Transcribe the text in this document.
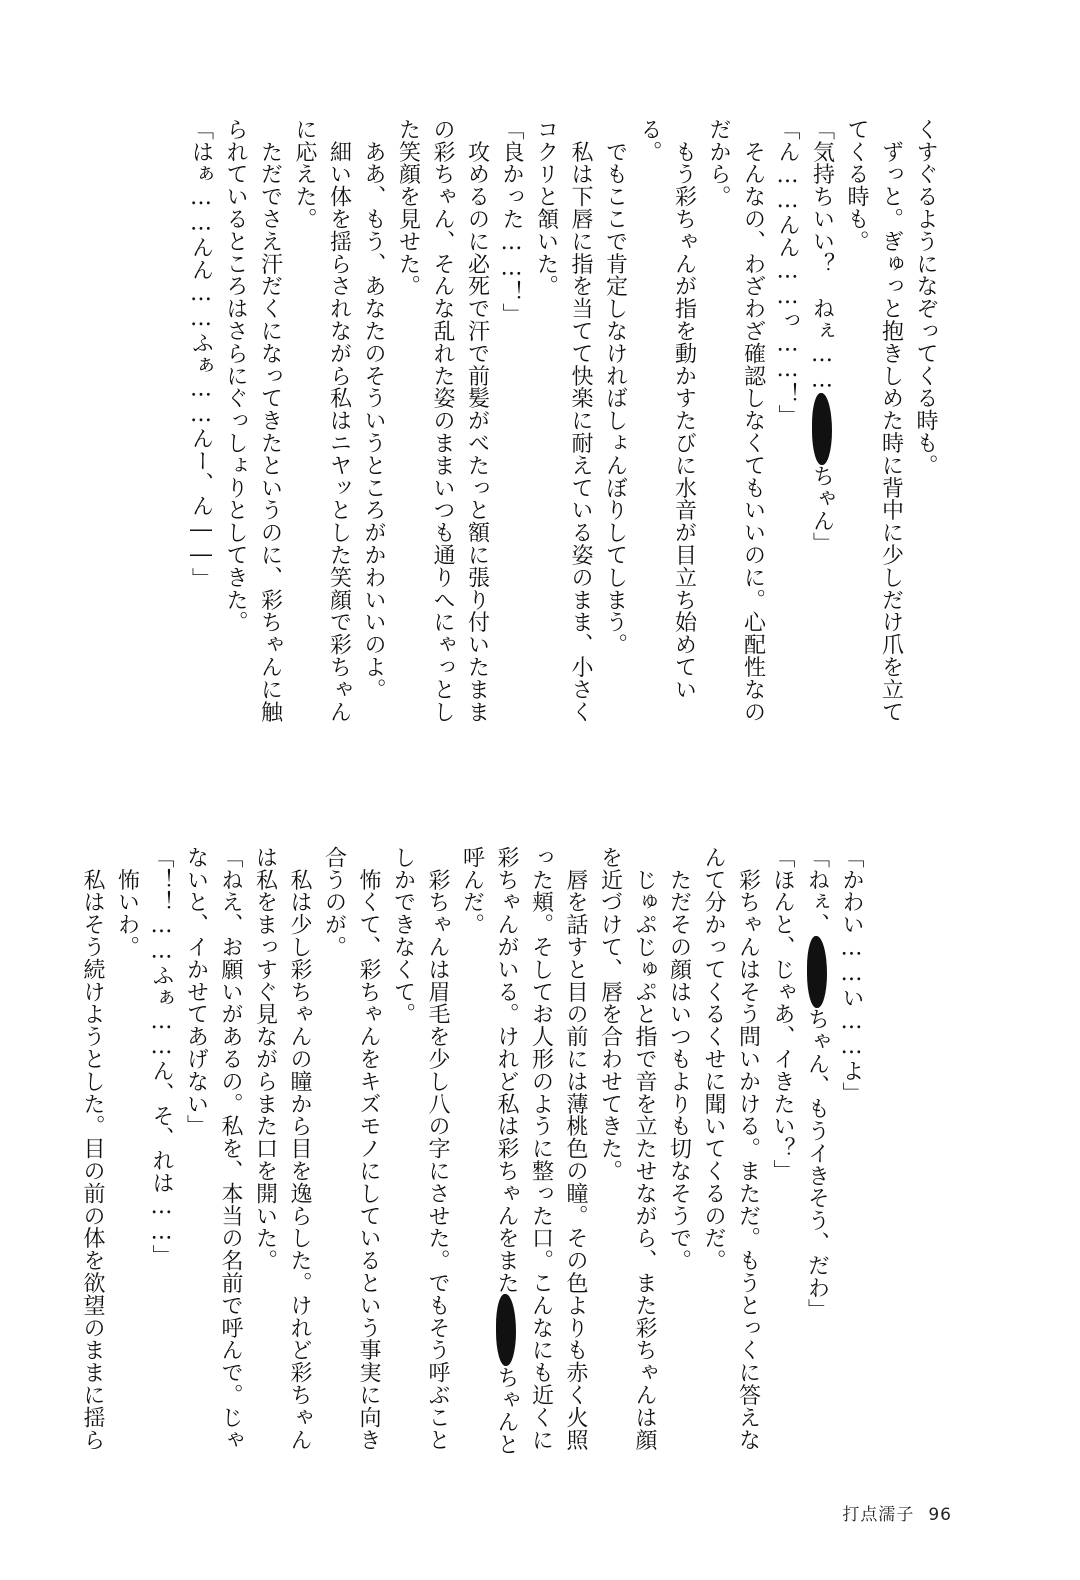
くすぐるようになぞってくる時も。
　ずっと。ぎゅっと抱きしめた時に背中に少しだけ爪を立て
てくる時も。
「気持ちいい？　ねぇ……ちゃん」
「ん……んん……っ……！」
　そんなの、わざわざ確認しなくてもいいのに。心配性なの
だから。
　もう彩ちゃんが指を動かすたびに水音が目立ち始めてい
る。
　でもここで肯定しなければしょんぼりしてしまう。
　私は下唇に指を当てて快楽に耐えている姿のまま、小さく
コクリと頷いた。
「良かった……！」
　攻めるのに必死で汗で前髪がべたっと額に張り付いたまま
の彩ちゃん、そんな乱れた姿のままいつも通りへにゃっとし
た笑顔を見せた。
　ああ、もう、あなたのそういうところがかわいいのよ。
　細い体を揺らされながら私はニヤッとした笑顔で彩ちゃん
に応えた。
　ただでさえ汗だくになってきたというのに、彩ちゃんに触
られているところはさらにぐっしょりとしてきた。
「はぁ……んん……ふぁ……んー、ん――」
「かわい……い……よ」
「ねぇ、ちゃん、もうイきそう、だわ」
「ほんと、じゃあ、イきたい？」
　彩ちゃんはそう問いかける。まただ。もうとっくに答えな
んて分かってくるくせに聞いてくるのだ。
　ただその顔はいつもよりも切なそうで。
　じゅぷじゅぷと指で音を立たせながら、また彩ちゃんは顔
を近づけて、唇を合わせてきた。
　唇を話すと目の前には薄桃色の瞳。その色よりも赤く火照
った頬。そしてお人形のように整った口。こんなにも近くに
彩ちゃんがいる。けれど私は彩ちゃんをまたちゃんと
呼んだ。
　彩ちゃんは眉毛を少し八の字にさせた。でもそう呼ぶこと
しかできなくて。
　怖くて、彩ちゃんをキズモノにしているという事実に向き
合うのが。
　私は少し彩ちゃんの瞳から目を逸らした。けれど彩ちゃん
は私をまっすぐ見ながらまた口を開いた。
「ねえ、お願いがあるの。私を、本当の名前で呼んで。じゃ
ないと、イかせてあげない」
「！！……ふぁ……ん、そ、れは……」
　怖いわ。
　私はそう続けようとした。目の前の体を欲望のままに揺ら
打点濡子 96
